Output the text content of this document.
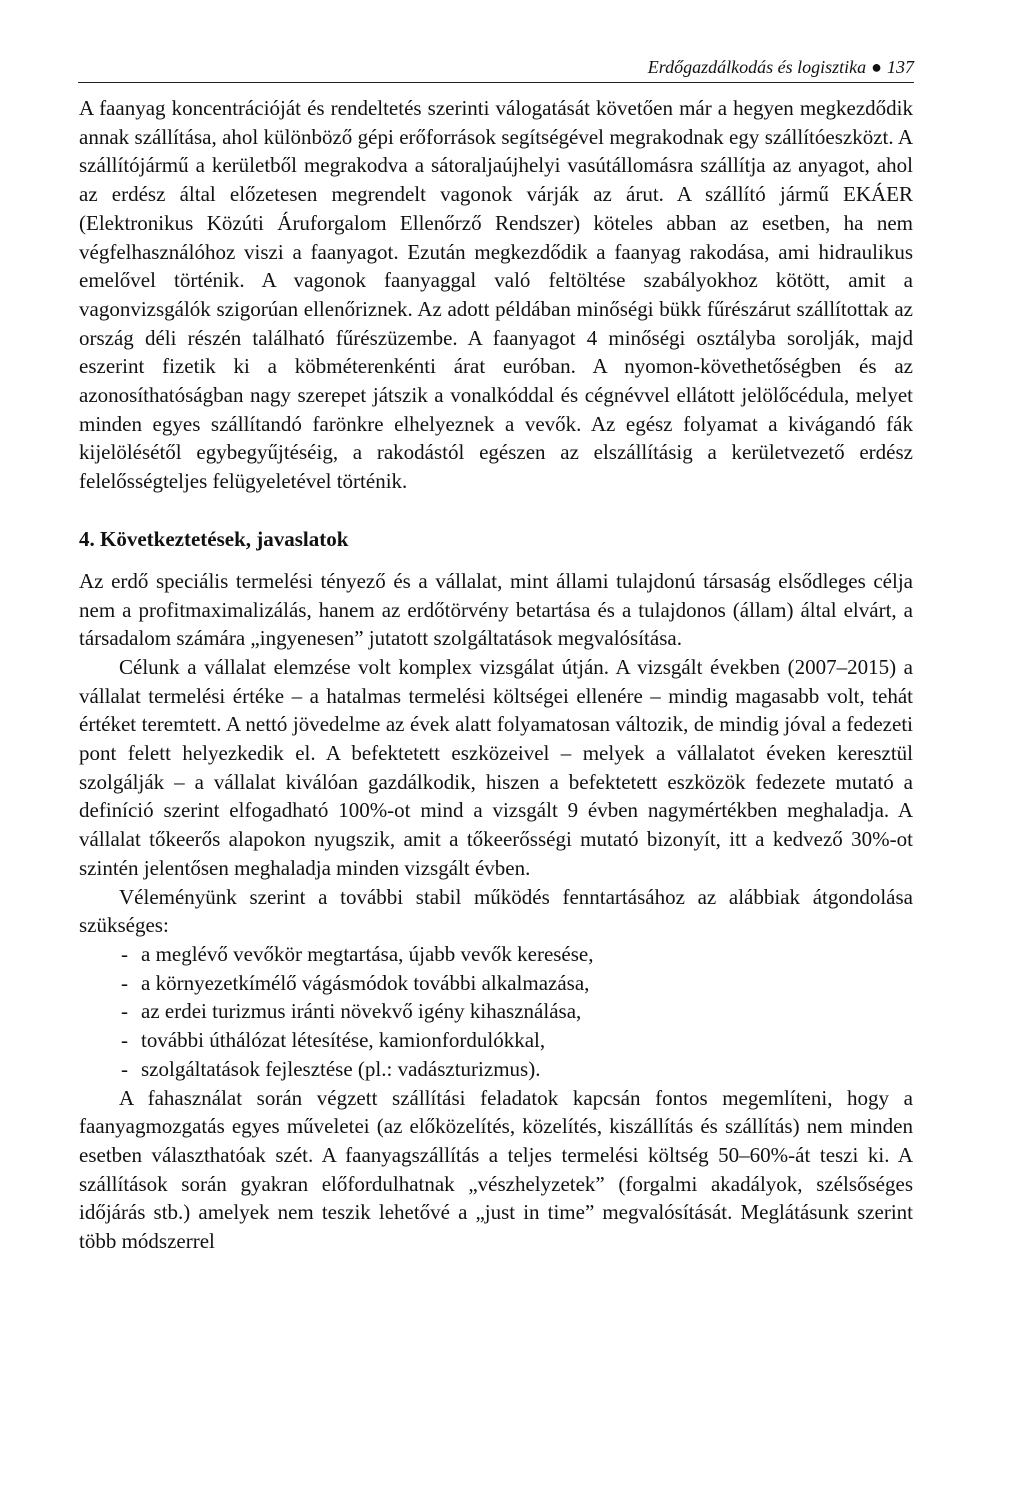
Erdőgazdálkodás és logisztika ● 137

A faanyag koncentrációját és rendeltetés szerinti válogatását követően már a hegyen megkezdődik annak szállítása, ahol különböző gépi erőforrások segítségével megrakodnak egy szállítóeszközt. A szállítójármű a kerületből megrakodva a sátoraljaújhelyi vasútállomásra szállítja az anyagot, ahol az erdész által előzetesen megrendelt vagonok várják az árut. A szállító jármű EKÁER (Elektronikus Közúti Áruforgalom Ellenőrző Rendszer) köteles abban az esetben, ha nem végfelhasználóhoz viszi a faanyagot. Ezután megkezdődik a faanyag rakodása, ami hidraulikus emelővel történik. A vagonok faanyaggal való feltöltése szabályokhoz kötött, amit a vagonvizsgálók szigorúan ellenőriznek. Az adott példában minőségi bükk fűrészárut szállítottak az ország déli részén található fűrészüzembe. A faanyagot 4 minőségi osztályba sorolják, majd eszerint fizetik ki a köbméterenkénti árat euróban. A nyomon-követhetőségben és az azonosíthatóságban nagy szerepet játszik a vonalkóddal és cégnévvel ellátott jelölőcédula, melyet minden egyes szállítandó farönkre elhelyeznek a vevők. Az egész folyamat a kivágandó fák kijelölésétől egybegyűjtéséig, a rakodástól egészen az elszállításig a kerületvezető erdész felelősségteljes felügyeletével történik.

4. Következtetések, javaslatok

Az erdő speciális termelési tényező és a vállalat, mint állami tulajdonú társaság elsődleges célja nem a profitmaximalizálás, hanem az erdőtörvény betartása és a tulajdonos (állam) által elvárt, a társadalom számára „ingyenesen” jutatott szolgáltatások megvalósítása.

Célunk a vállalat elemzése volt komplex vizsgálat útján. A vizsgált években (2007–2015) a vállalat termelési értéke – a hatalmas termelési költségei ellenére – mindig magasabb volt, tehát értéket teremtett. A nettó jövedelme az évek alatt folyamatosan változik, de mindig jóval a fedezeti pont felett helyezkedik el. A befektetett eszközeivel – melyek a vállalatot éveken keresztül szolgálják – a vállalat kiválóan gazdálkodik, hiszen a befektetett eszközök fedezete mutató a definíció szerint elfogadható 100%-ot mind a vizsgált 9 évben nagymértékben meghaladja. A vállalat tőkeerős alapokon nyugszik, amit a tőkeerősségi mutató bizonyít, itt a kedvező 30%-ot szintén jelentősen meghaladja minden vizsgált évben.

Véleményünk szerint a további stabil működés fenntartásához az alábbiak átgondolása szükséges:

- a meglévő vevőkör megtartása, újabb vevők keresése,
- a környezetkímélő vágásmódok további alkalmazása,
- az erdei turizmus iránti növekvő igény kihasználása,
- további úthálózat létesítése, kamionfordulókkal,
- szolgáltatások fejlesztése (pl.: vadászturizmus).

A fahasználat során végzett szállítási feladatok kapcsán fontos megemlíteni, hogy a faanyagmozgatás egyes műveletei (az előközelítés, közelítés, kiszállítás és szállítás) nem minden esetben választhatóak szét. A faanyagszállítás a teljes termelési költség 50–60%-át teszi ki. A szállítások során gyakran előfordulhatnak „vészhelyzetek” (forgalmi akadályok, szélsőséges időjárás stb.) amelyek nem teszik lehetővé a „just in time” megvalósítását. Meglátásunk szerint több módszerrel
